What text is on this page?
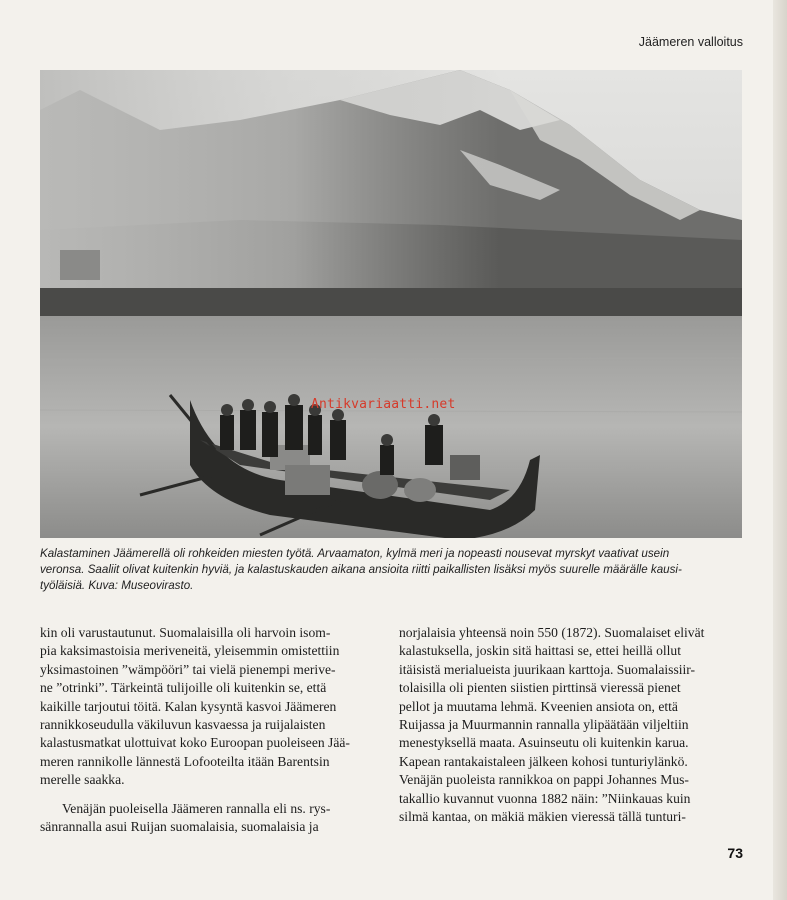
Jäämeren valloitus
Antikvariaatti.net
Kalastaminen Jäämerellä oli rohkeiden miesten työtä. Arvaamaton, kylmä meri ja nopeasti nousevat myrskyt vaativat usein
veronsa. Saaliit olivat kuitenkin hyviä, ja kalastuskauden aikana ansioita riitti paikallisten lisäksi myös suurelle määrälle kausi-
työläisiä. Kuva: Museovirasto.
kin oli varustautunut. Suomalaisilla oli harvoin isom-
pia kaksimastoisia meriveneitä, yleisemmin omistettiin
yksimastoinen ”wämpööri” tai vielä pienempi merive-
ne ”otrinki”. Tärkeintä tulijoille oli kuitenkin se, että
kaikille tarjoutui töitä. Kalan kysyntä kasvoi Jäämeren
rannikkoseudulla väkiluvun kasvaessa ja ruijalaisten
kalastusmatkat ulottuivat koko Euroopan puoleiseen Jää-
meren rannikolle lännestä Lofooteilta itään Barentsin
merelle saakka.
Venäjän puoleisella Jäämeren rannalla eli ns. rys-
sänrannalla asui Ruijan suomalaisia, suomalaisia ja
norjalaisia yhteensä noin 550 (1872). Suomalaiset elivät
kalastuksella, joskin sitä haittasi se, ettei heillä ollut
itäisistä merialueista juurikaan karttoja. Suomalaissiir-
tolaisilla oli pienten siistien pirttinsä vieressä pienet
pellot ja muutama lehmä. Kveenien ansiota on, että
Ruijassa ja Muurmannin rannalla ylipäätään viljeltiin
menestyksellä maata. Asuinseutu oli kuitenkin karua.
Kapean rantakaistaleen jälkeen kohosi tunturiylänkö.
Venäjän puoleista rannikkoa on pappi Johannes Mus-
takallio kuvannut vuonna 1882 näin: ”Niinkauas kuin
silmä kantaa, on mäkiä mäkien vieressä tällä tunturi-
73
